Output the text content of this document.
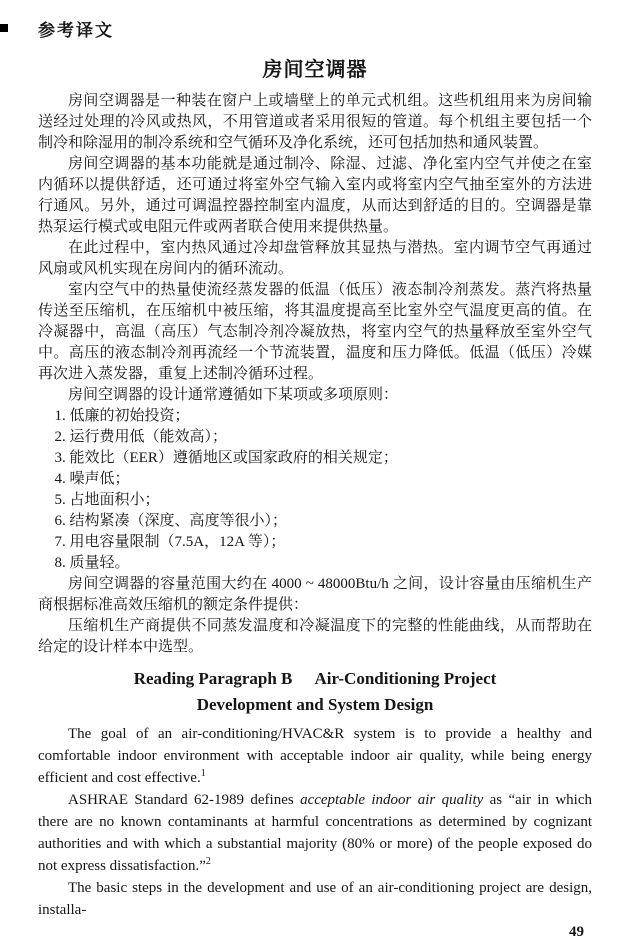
参考译文
房间空调器

房间空调器是一种装在窗户上或墙壁上的单元式机组。这些机组用来为房间输送经过处理的冷风或热风，不用管道或者采用很短的管道。每个机组主要包括一个制冷和除湿用的制冷系统和空气循环及净化系统，还可包括加热和通风装置。

房间空调器的基本功能就是通过制冷、除湿、过滤、净化室内空气并使之在室内循环以提供舒适，还可通过将室外空气输入室内或将室内空气抽至室外的方法进行通风。另外，通过可调温控器控制室内温度，从而达到舒适的目的。空调器是靠热泵运行模式或电阻元件或两者联合使用来提供热量。

在此过程中，室内热风通过冷却盘管释放其显热与潜热。室内调节空气再通过风扇或风机实现在房间内的循环流动。

室内空气中的热量使流经蒸发器的低温（低压）液态制冷剂蒸发。蒸汽将热量传送至压缩机，在压缩机中被压缩，将其温度提高至比室外空气温度更高的值。在冷凝器中，高温（高压）气态制冷剂冷凝放热，将室内空气的热量释放至室外空气中。高压的液态制冷剂再流经一个节流装置，温度和压力降低。低温（低压）冷媒再次进入蒸发器，重复上述制冷循环过程。

房间空调器的设计通常遵循如下某项或多项原则：

1. 低廉的初始投资；

2. 运行费用低（能效高）；

3. 能效比（EER）遵循地区或国家政府的相关规定；

4. 噪声低；

5. 占地面积小；

6. 结构紧凑（深度、高度等很小）；

7. 用电容量限制（7.5A，12A 等）；

8. 质量轻。

房间空调器的容量范围大约在 4000 ~ 48000Btu/h 之间，设计容量由压缩机生产商根据标准高效压缩机的额定条件提供：

压缩机生产商提供不同蒸发温度和冷凝温度下的完整的性能曲线，从而帮助在给定的设计样本中选型。

Reading Paragraph B Air-Conditioning Project
Development and System Design

The goal of an air-conditioning/HVAC&R system is to provide a healthy and comfortable indoor environment with acceptable indoor air quality, while being energy efficient and cost effective.$^1$

ASHRAE Standard 62-1989 defines acceptable indoor air quality as “air in which there are no known contaminants at harmful concentrations as determined by cognizant authorities and with which a substantial majority (80% or more) of the people exposed do not express dissatisfaction.”$^2$

The basic steps in the development and use of an air-conditioning project are design, installa-

49
